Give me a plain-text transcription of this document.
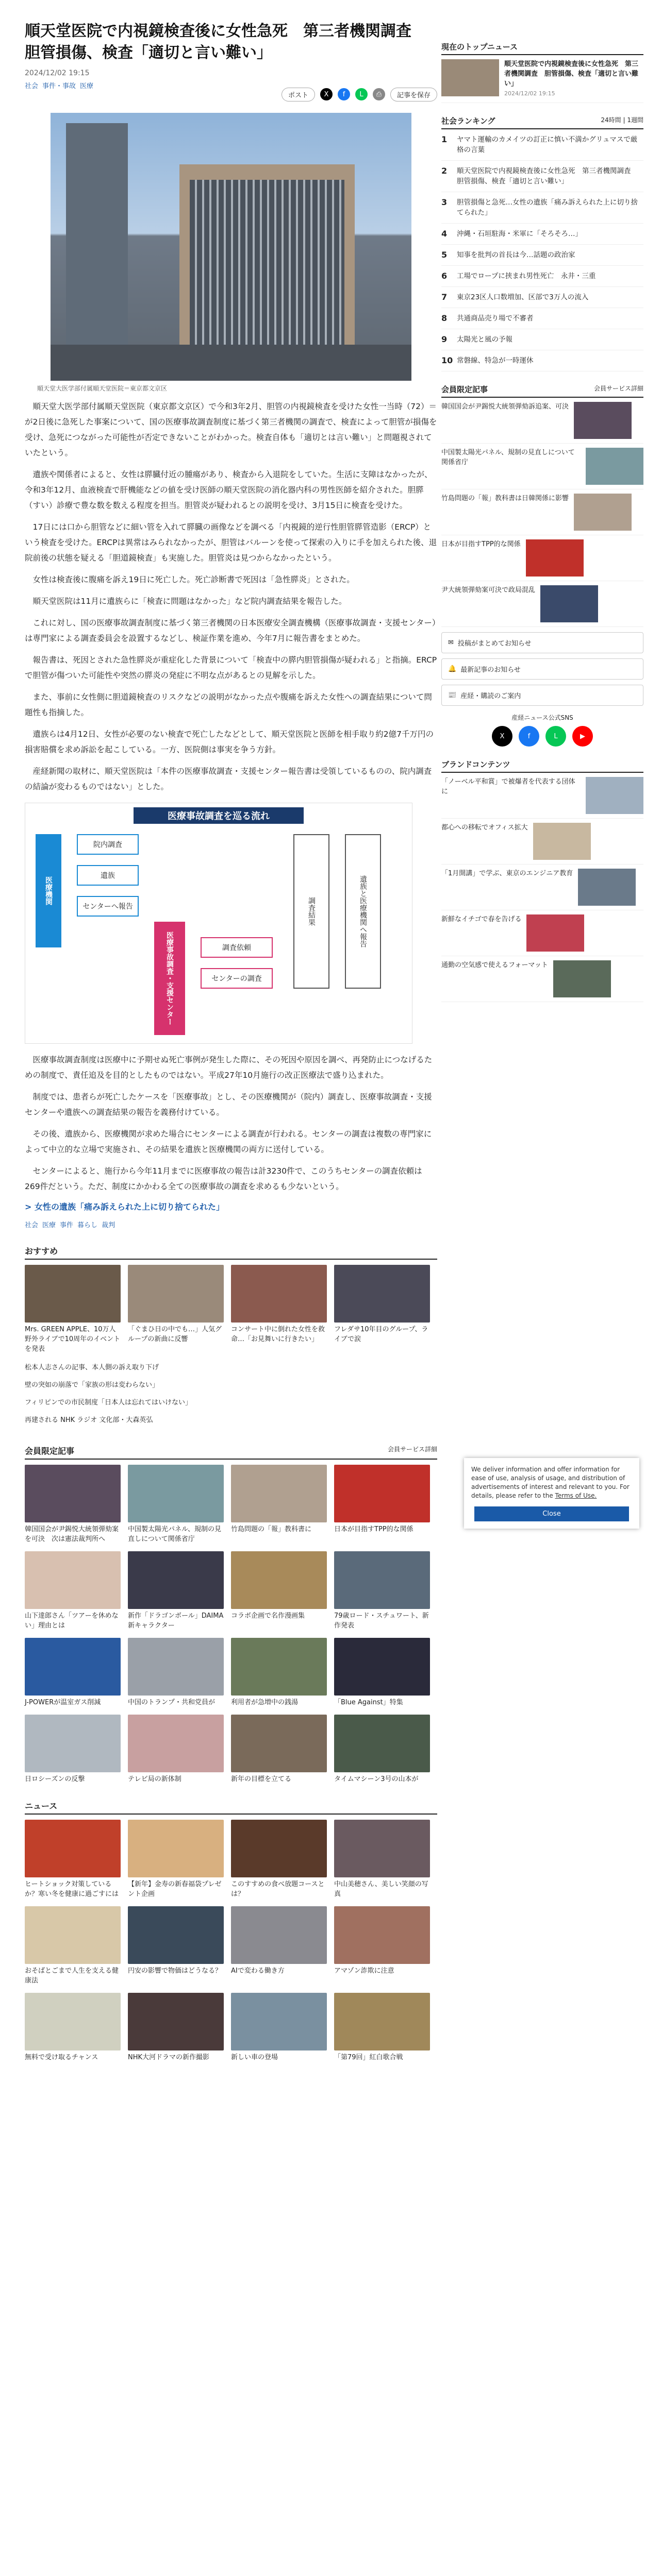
順天堂医院で内視鏡検査後に女性急死　第三者機関調査　胆管損傷、検査「適切と言い難い」
2024/12/02 19:15
社会 事件・事故 医療
ポスト	X	f	L	⎙	記事を保存

順天堂大医学部付属順天堂医院＝東京都文京区

順天堂大医学部付属順天堂医院（東京都文京区）で今和3年2月、胆管の内視鏡検査を受けた女性一当時（72）＝が2日後に急死した事案について、国の医療事故調査制度に基づく第三者機関の調査で、検査によって胆管が損傷を受け、急死につながった可能性が否定できないことがわかった。検査自体も「適切とは言い難い」と問題視されていたという。

遺族や関係者によると、女性は膵臓付近の腫瘍があり、検査から入退院をしていた。生活に支障はなかったが、令和3年12月、血液検査で肝機能などの値を受け医師の順天堂医院の消化器内科の男性医師を紹介された。胆膵（すい）診療で豊な数を数える程度を担当。胆管炎が疑われるとの説明を受け、3月15日に検査を受けた。

17日には口から胆管などに細い管を入れて膵臓の画像などを調べる「内視鏡的逆行性胆管膵管造影（ERCP）という検査を受けた。ERCPは異常はみられなかったが、胆管はバルーンを使って探索の入りに手を加えられた後、退院前後の状態を疑える「胆道鏡検査」も実施した。胆管炎は見つからなかったという。

女性は検査後に腹痛を訴え19日に死亡した。死亡診断書で死因は「急性膵炎」とされた。

順天堂医院は11月に遺族らに「検査に問題はなかった」など院内調査結果を報告した。

これに対し、国の医療事故調査制度に基づく第三者機関の日本医療安全調査機構（医療事故調査・支援センター）は専門家による調査委員会を設置するなどし、検証作業を進め、今年7月に報告書をまとめた。

報告書は、死因とされた急性膵炎が重症化した背景について「検査中の膵内胆管損傷が疑われる」と指摘。ERCPで胆管が傷ついた可能性や突然の膵炎の発症に不明な点があるとの見解を示した。

また、事前に女性側に胆道鏡検査のリスクなどの説明がなかった点や腹痛を訴えた女性への調査結果について問題性も指摘した。

遺族らは4月12日、女性が必要のない検査で死亡したなどとして、順天堂医院と医師を相手取り約2億7千万円の損害賠償を求め訴訟を起こしている。一方、医院側は事実を争う方針。

産経新聞の取材に、順天堂医院は「本件の医療事故調査・支援センター報告書は受領しているものの、院内調査の結論が変わるものではない」とした。

医療事故調査を巡る流れ
医療機関
院内調査
遺族
センターへ報告
医療事故調査・支援センター	調査依頼
センターの調査
調査結果	遺族と医療機関へ報告

医療事故調査制度は医療中に予期せぬ死亡事例が発生した際に、その死因や原因を調べ、再発防止につなげるための制度で、責任追及を目的としたものではない。平成27年10月施行の改正医療法で盛り込まれた。

制度では、患者らが死亡したケースを「医療事故」とし、その医療機関が（院内）調査し、医療事故調査・支援センターや遺族への調査結果の報告を義務付けている。

その後、遺族から、医療機関が求めた場合にセンターによる調査が行われる。センターの調査は複数の専門家によって中立的な立場で実施され、その結果を遺族と医療機関の両方に送付している。

センターによると、施行から今年11月までに医療事故の報告は計3230件で、このうちセンターの調査依頼は269件だという。ただ、制度にかかわる全ての医療事故の調査を求めるも少ないという。

> 女性の遺族「痛み訴えられた上に切り捨てられた」

社会 医療 事件 暮らし 裁判
おすすめ

Mrs. GREEN APPLE、10万人野外ライブで10周年のイベントを発表

「ぐまひ日の中でも…」人気グループの新曲に反響

コンサート中に倒れた女性を救命…「お見舞いに行きたい」

フレダサ10年目のグループ、ライブで涙

松本人志さんの記事、本人側の訴え取り下げ

壁の突如の崩落で「家族の形は変わらない」

フィリピンでの市民制度「日本人は忘れてはいけない」

再建される NHK ラジオ 文化部・大森英弘

会員限定記事	会員サービス詳細

韓国国会が尹錫悦大統領弾劾案を可決　次は憲法裁判所へ

中国製太陽光パネル、規制の見直しについて関係省庁

竹島問題の「報」教科書に	日本が目指すTPP的な関係

山下達郎さん「ツアーを休めない」理由とは

新作「ドラゴンボール」DAIMA新キャラクター

コラボ企画で名作漫画集	79歳ロード・スチュワート、新作発表

J-POWERが温室ガス削減	中国のトランプ・共和党員が	利用者が急増中の銭湯	「Blue Against」特集

日ロシーズンの反撃	テレビ局の新体制	新年の目標を立てる	タイムマシーン3号の山本が

ニュース

ヒートショック対策しているか？寒い冬を健康に過ごすには

【新年】金寿の新春福袋プレゼント企画

このすすめの食べ放題コースとは？

中山美穂さん、美しい笑顔の写真

おそばとごまで人生を支える健康法

円安の影響で物価はどうなる？	AIで変わる働き方	アマゾン詐欺に注意

無料で受け取るチャンス	NHK大河ドラマの新作撮影	新しい車の登場	「第79回」紅白歌合戦

現在のトップニュース

順天堂医院で内視鏡検査後に女性急死　第三者機関調査　胆管損傷、検査「適切と言い難い」

2024/12/02 19:15

社会ランキング	24時間 | 1週間
1	ヤマト運輸のカメイツの訂正に慎い不満かグリュマスで厳格の言葉
2	順天堂医院で内視鏡検査後に女性急死　第三者機関調査　胆管損傷、検査「適切と言い難い」
3	胆管損傷と急死…女性の遺族「痛み訴えられた上に切り捨てられた」
4	沖縄・石垣駐海・米軍に「そろそろ…」
5	知事を批判の首長は今…話題の政治家
6	工場でロープに挟まれ男性死亡　永井・三重
7	東京23区人口数増加、区部で3万人の流入
8	共通商品売り場で不審者
9	太陽光と風の予報
10 常磐線、特急が一時運休
会員限定記事	会員サービス詳細

韓国国会が尹錫悦大統領弾劾訴追案、可決

中国製太陽光パネル、規制の見直しについて関係省庁

竹島問題の「報」教科書は日韓関係に影響

日本が目指すTPP的な関係

尹大統領弾劾案可決で政局混乱

✉ 投稿がまとめてお知らせ
🔔 最新記事のお知らせ
📰 産経・購読のご案内

産経ニュース公式SNS

X	f	L	▶
ブランドコンテンツ

「ノーベル平和賞」で被爆者を代表する団体に

都心への移転でオフィス拡大

「1月開講」で学ぶ、東京のエンジニア教育

新鮮なイチゴで春を告げる

通勤の空気感で使えるフォーマット

We deliver information and offer information for ease of use, analysis of usage, and distribution of advertisements of interest and relevant to you. For details, please refer to the Terms of Use.
Close
